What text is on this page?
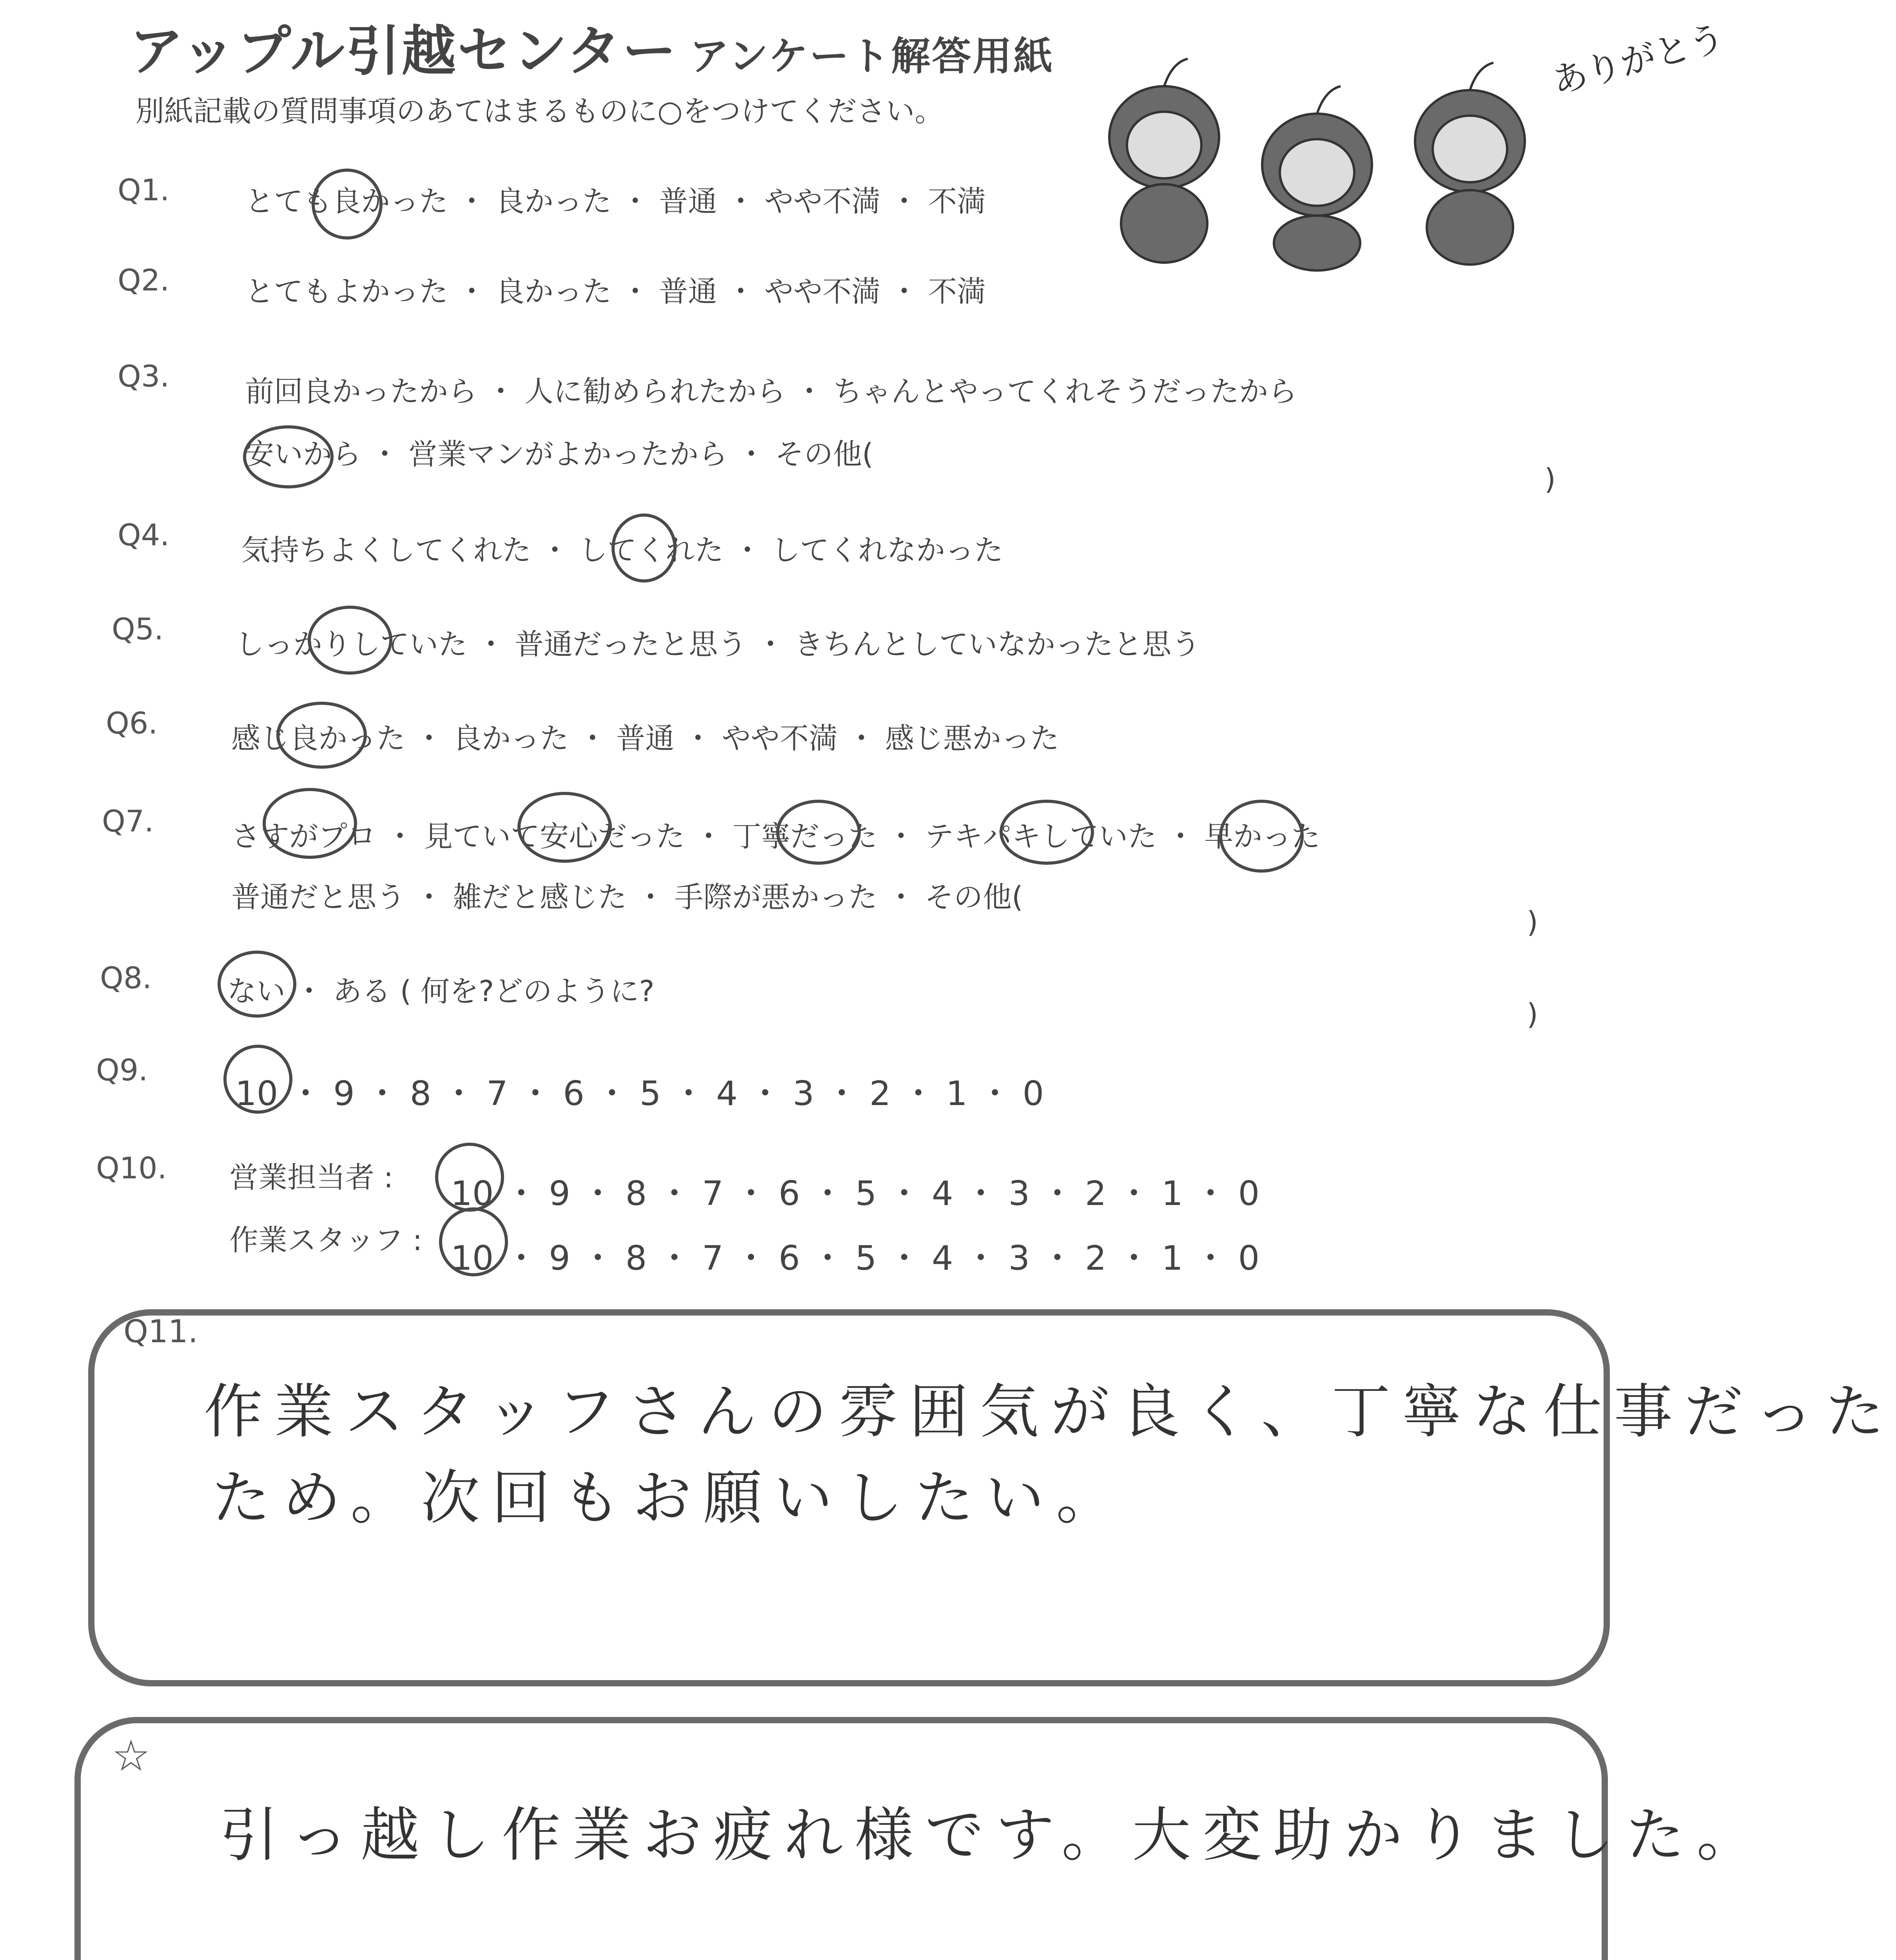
アップル引越センター アンケート解答用紙
別紙記載の質問事項のあてはまるものに○をつけてください。
ありがとう
Q1.	とても良かった ・ 良かった ・ 普通 ・ やや不満 ・ 不満
Q2.	とてもよかった ・ 良かった ・ 普通 ・ やや不満 ・ 不満
Q3.	前回良かったから ・ 人に勧められたから ・ ちゃんとやってくれそうだったから
安いから ・ 営業マンがよかったから ・ その他(
)
Q4. 気持ちよくしてくれた ・ してくれた ・ してくれなかった
Q5. しっかりしていた ・ 普通だったと思う ・ きちんとしていなかったと思う
Q6.	感じ良かった ・ 良かった ・ 普通 ・ やや不満 ・ 感じ悪かった
Q7.	さすがプロ ・ 見ていて安心だった ・ 丁寧だった ・ テキパキしていた ・ 早かった
普通だと思う ・ 雑だと感じた ・ 手際が悪かった ・ その他(
)
Q8.	ない ・ ある ( 何を?どのように?
)
Q9.
10 ・ 9 ・ 8 ・ 7 ・ 6 ・ 5 ・ 4 ・ 3 ・ 2 ・ 1 ・ 0
Q10. 営業担当者 : 10 ・ 9 ・ 8 ・ 7 ・ 6 ・ 5 ・ 4 ・ 3 ・ 2 ・ 1 ・ 0
作業スタッフ : 10 ・ 9 ・ 8 ・ 7 ・ 6 ・ 5 ・ 4 ・ 3 ・ 2 ・ 1 ・ 0
Q11.
作業スタッフさんの雰囲気が良く、丁寧な仕事だった
ため。次回もお願いしたい。
☆
引っ越し作業お疲れ様です。大変助かりました。
